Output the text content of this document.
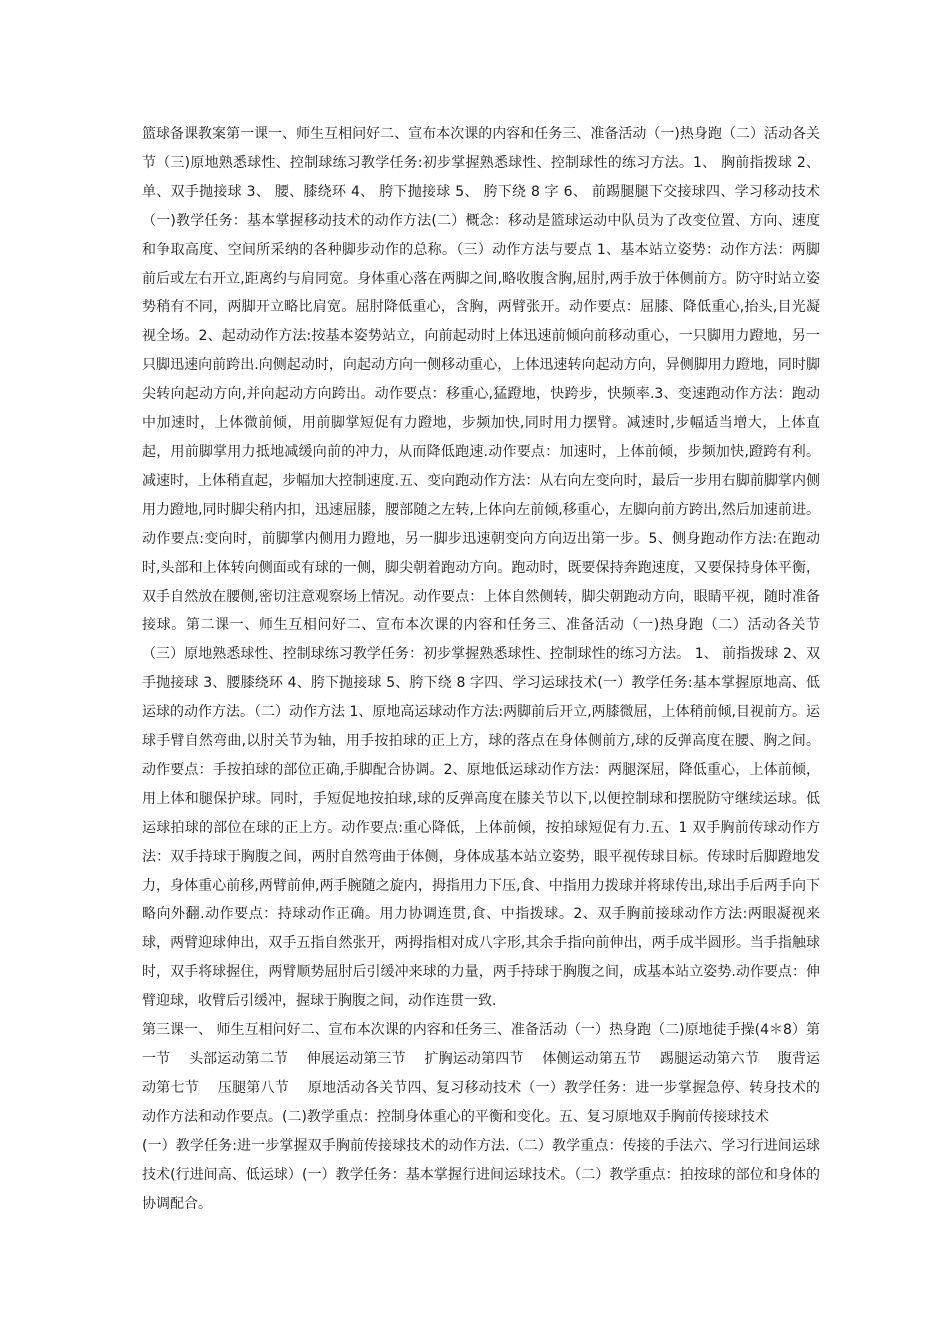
篮球备课教案第一课一、师生互相问好二、宣布本次课的内容和任务三、准备活动（一)热身跑（二）活动各关节（三)原地熟悉球性、控制球练习教学任务:初步掌握熟悉球性、控制球性的练习方法。1、 胸前指拨球 2、 单、双手抛接球 3、 腰、膝绕环 4、 胯下抛接球 5、 胯下绕 8 字 6、 前踢腿腿下交接球四、学习移动技术（一)教学任务：基本掌握移动技术的动作方法(二）概念：移动是篮球运动中队员为了改变位置、方向、速度和争取高度、空间所采纳的各种脚步动作的总称。（三）动作方法与要点 1、基本站立姿势：动作方法：两脚前后或左右开立,距离约与肩同宽。身体重心落在两脚之间,略收腹含胸,屈肘,两手放于体侧前方。防守时站立姿势稍有不同，两脚开立略比肩宽。屈肘降低重心，含胸，两臂张开。动作要点：屈膝、降低重心,抬头,目光凝视全场。2、起动动作方法:按基本姿势站立，向前起动时上体迅速前倾向前移动重心，一只脚用力蹬地，另一只脚迅速向前跨出.向侧起动时，向起动方向一侧移动重心，上体迅速转向起动方向，异侧脚用力蹬地，同时脚尖转向起动方向,并向起动方向跨出。动作要点：移重心,猛蹬地，快跨步，快频率.3、变速跑动作方法：跑动中加速时，上体微前倾，用前脚掌短促有力蹬地，步频加快,同时用力摆臂。减速时,步幅适当增大，上体直起，用前脚掌用力抵地减缓向前的冲力，从而降低跑速.动作要点：加速时，上体前倾，步频加快,蹬跨有利。减速时，上体稍直起，步幅加大控制速度.五、变向跑动作方法：从右向左变向时，最后一步用右脚前脚掌内侧用力蹬地,同时脚尖稍内扣，迅速屈膝，腰部随之左转,上体向左前倾,移重心，左脚向前方跨出,然后加速前进。动作要点:变向时，前脚掌内侧用力蹬地，另一脚步迅速朝变向方向迈出第一步。5、侧身跑动作方法:在跑动时,头部和上体转向侧面或有球的一侧，脚尖朝着跑动方向。跑动时，既要保持奔跑速度，又要保持身体平衡，双手自然放在腰侧,密切注意观察场上情况。动作要点：上体自然侧转，脚尖朝跑动方向，眼睛平视，随时准备接球。第二课一、师生互相问好二、宣布本次课的内容和任务三、准备活动（一)热身跑（二）活动各关节（三）原地熟悉球性、控制球练习教学任务：初步掌握熟悉球性、控制球性的练习方法。 1、 前指拨球 2、双手抛接球 3、腰膝绕环 4、胯下抛接球 5、胯下绕 8 字四、学习运球技术(一）教学任务:基本掌握原地高、低运球的动作方法。（二）动作方法 1、原地高运球动作方法:两脚前后开立,两膝微屈，上体稍前倾,目视前方。运球手臂自然弯曲,以肘关节为轴，用手按拍球的正上方，球的落点在身体侧前方,球的反弹高度在腰、胸之间。动作要点：手按拍球的部位正确,手脚配合协调。2、原地低运球动作方法：两腿深屈，降低重心，上体前倾，用上体和腿保护球。同时，手短促地按拍球,球的反弹高度在膝关节以下,以便控制球和摆脱防守继续运球。低运球拍球的部位在球的正上方。动作要点:重心降低，上体前倾，按拍球短促有力.五、1 双手胸前传球动作方法：双手持球于胸腹之间，两肘自然弯曲于体侧，身体成基本站立姿势，眼平视传球目标。传球时后脚蹬地发力，身体重心前移,两臂前伸,两手腕随之旋内，拇指用力下压,食、中指用力拨球并将球传出,球出手后两手向下略向外翻.动作要点：持球动作正确。用力协调连贯,食、中指拨球。2、双手胸前接球动作方法:两眼凝视来球，两臂迎球伸出，双手五指自然张开，两拇指相对成八字形,其余手指向前伸出，两手成半圆形。当手指触球时，双手将球握住，两臂顺势屈肘后引缓冲来球的力量，两手持球于胸腹之间，成基本站立姿势.动作要点：伸臂迎球，收臂后引缓冲，握球于胸腹之间，动作连贯一致.

第三课一、 师生互相问好二、宣布本次课的内容和任务三、准备活动（一）热身跑（二)原地徒手操(4＊8）第一节　 头部运动第二节　 伸展运动第三节　 扩胸运动第四节　 体侧运动第五节　 踢腿运动第六节　 腹背运动第七节　 压腿第八节　 原地活动各关节四、复习移动技术（一）教学任务：进一步掌握急停、转身技术的动作方法和动作要点。(二)教学重点：控制身体重心的平衡和变化。五、复习原地双手胸前传接球技术

(一）教学任务:进一步掌握双手胸前传接球技术的动作方法.（二）教学重点：传接的手法六、学习行进间运球技术(行进间高、低运球）(一）教学任务：基本掌握行进间运球技术。（二）教学重点：拍按球的部位和身体的协调配合。
